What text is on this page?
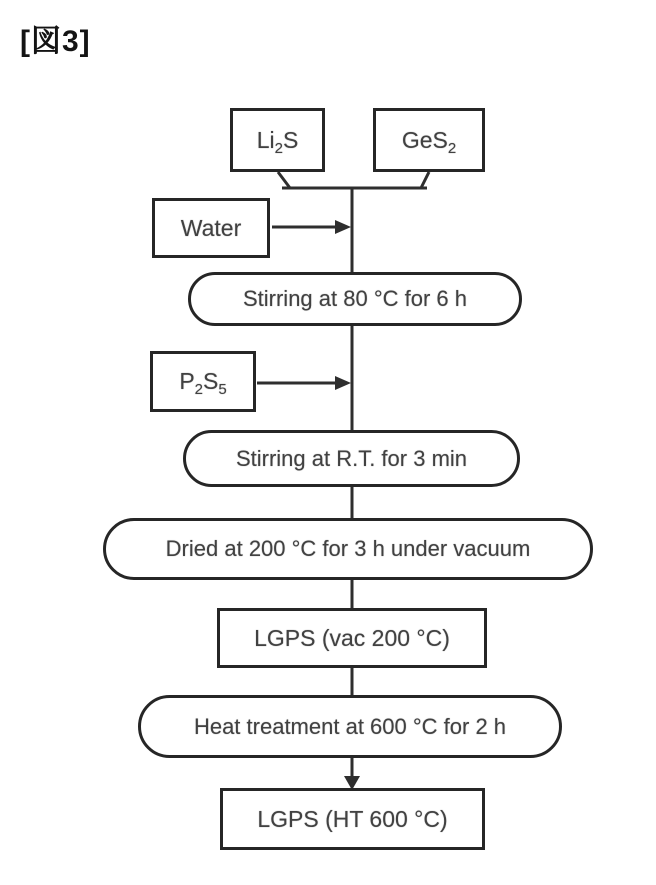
[図3]
$Li_2S$	GeS$_2$
Water
Stirring at 80 °C for 6 h
$P_2S_5$
Stirring at R.T. for 3 min
Dried at 200 °C for 3 h under vacuum
LGPS (vac 200 °C)
Heat treatment at 600 °C for 2 h
LGPS (HT 600 °C)
